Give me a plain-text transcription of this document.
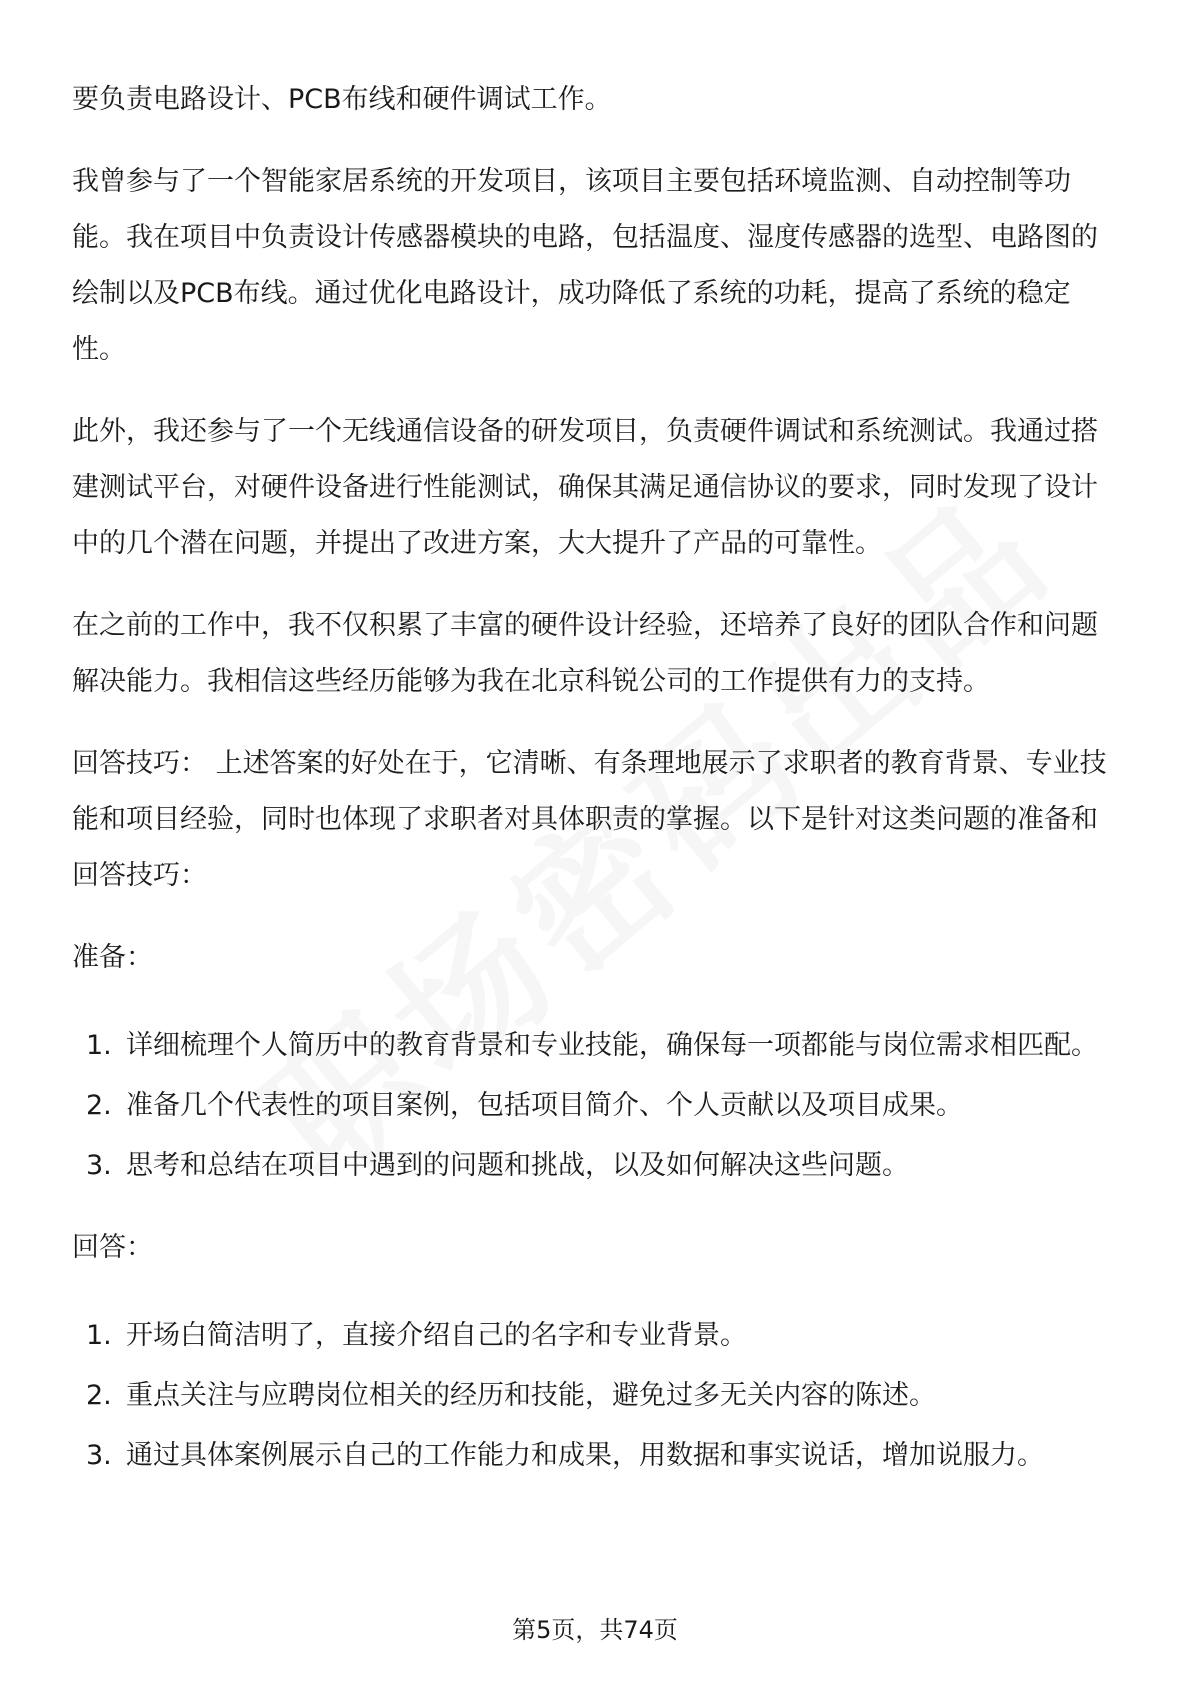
要负责电路设计、PCB布线和硬件调试工作。

我曾参与了一个智能家居系统的开发项目，该项目主要包括环境监测、自动控制等功能。我在项目中负责设计传感器模块的电路，包括温度、湿度传感器的选型、电路图的绘制以及PCB布线。通过优化电路设计，成功降低了系统的功耗，提高了系统的稳定性。

此外，我还参与了一个无线通信设备的研发项目，负责硬件调试和系统测试。我通过搭建测试平台，对硬件设备进行性能测试，确保其满足通信协议的要求，同时发现了设计中的几个潜在问题，并提出了改进方案，大大提升了产品的可靠性。

在之前的工作中，我不仅积累了丰富的硬件设计经验，还培养了良好的团队合作和问题解决能力。我相信这些经历能够为我在北京科锐公司的工作提供有力的支持。

回答技巧： 上述答案的好处在于，它清晰、有条理地展示了求职者的教育背景、专业技能和项目经验，同时也体现了求职者对具体职责的掌握。以下是针对这类问题的准备和回答技巧：

准备：

1. 详细梳理个人简历中的教育背景和专业技能，确保每一项都能与岗位需求相匹配。
2. 准备几个代表性的项目案例，包括项目简介、个人贡献以及项目成果。
3. 思考和总结在项目中遇到的问题和挑战，以及如何解决这些问题。

回答：

1. 开场白简洁明了，直接介绍自己的名字和专业背景。
2. 重点关注与应聘岗位相关的经历和技能，避免过多无关内容的陈述。
3. 通过具体案例展示自己的工作能力和成果，用数据和事实说话，增加说服力。
第5页，共74页
